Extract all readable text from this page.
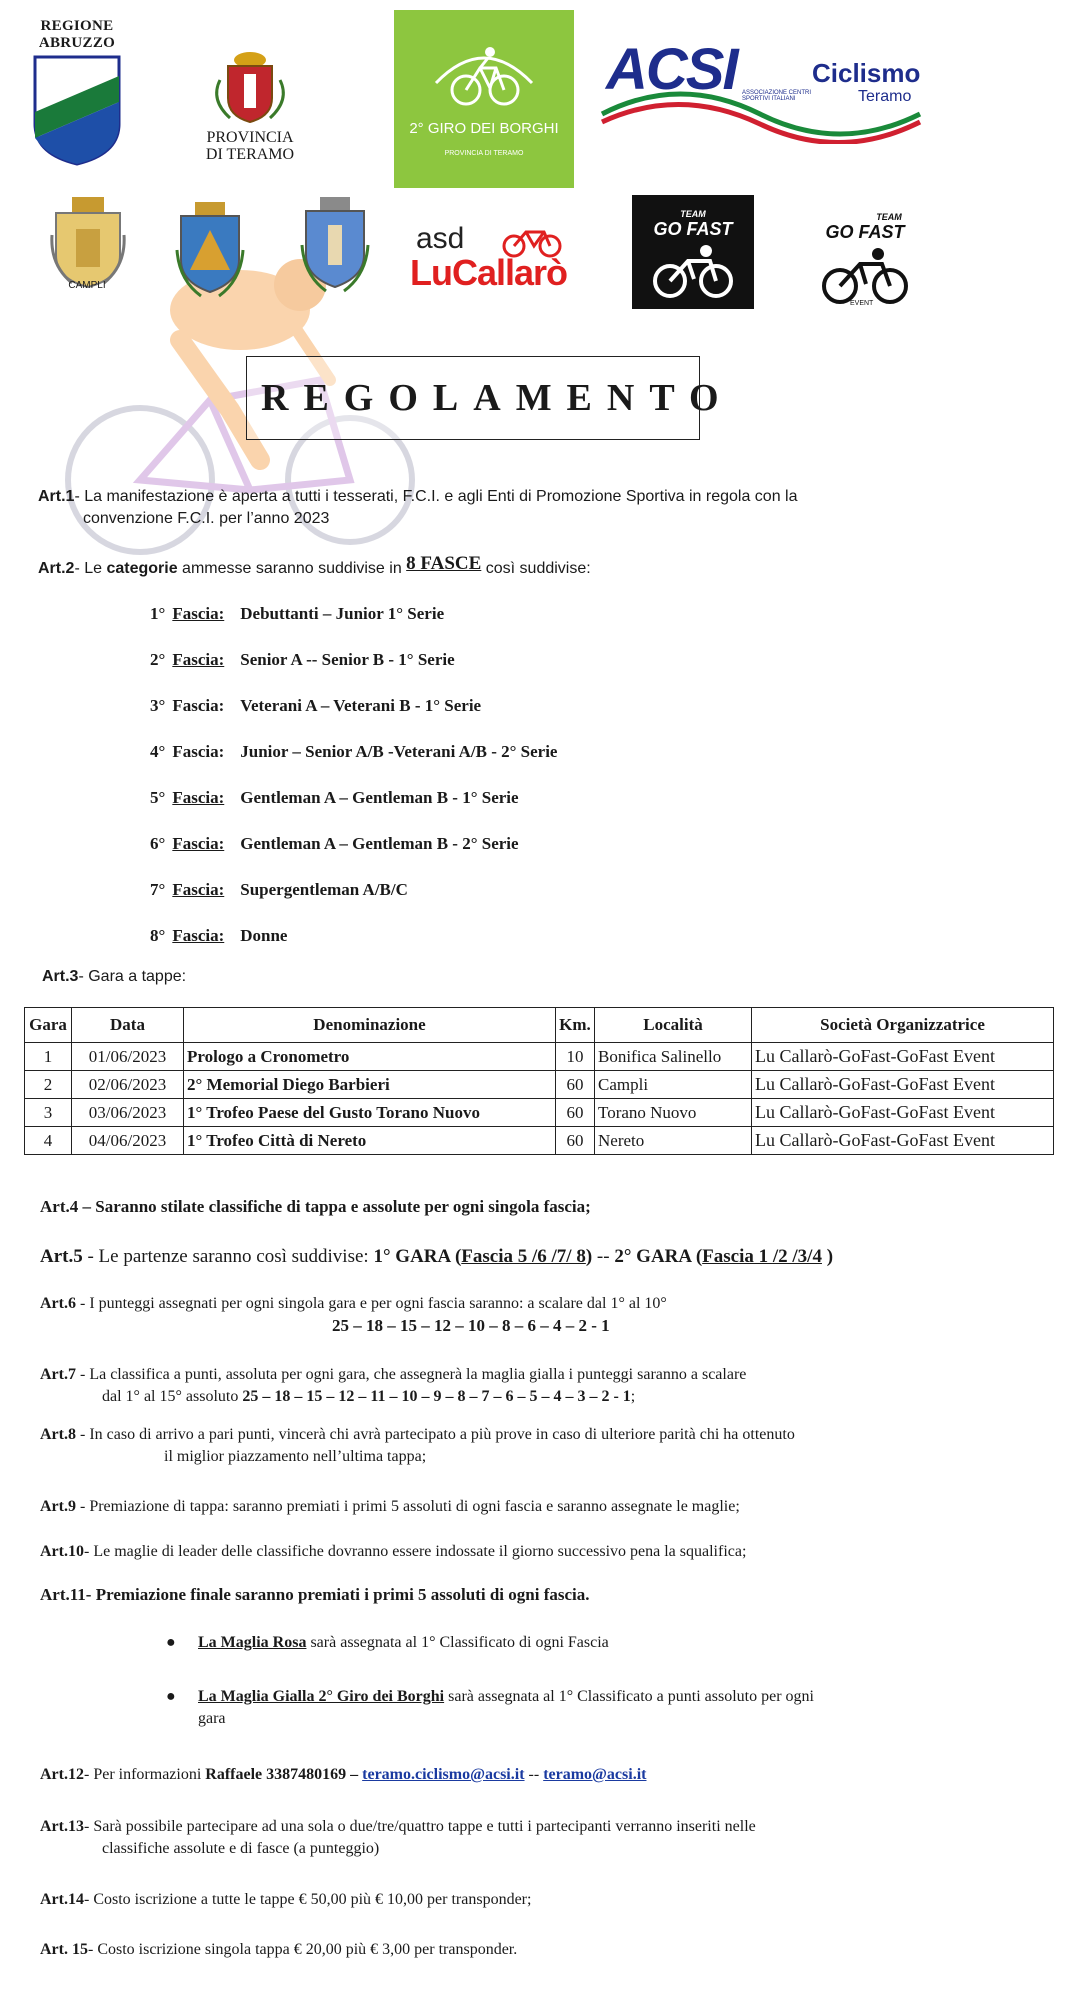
REGIONE
ABRUZZO
PROVINCIA
DI TERAMO
2° GIRO DEI BORGHI
PROVINCIA DI TERAMO
ACSI	Ciclismo
Teramo
ASSOCIAZIONE CENTRI SPORTIVI ITALIANI
CAMPLI
asd
LuCallarò
TEAM
GO FAST
TEAM
GO FAST
EVENT
REGOLAMENTO
Art.1- La manifestazione è aperta a tutti i tesserati, F.C.I. e agli Enti di Promozione Sportiva in regola con la
convenzione F.C.I. per l’anno 2023
Art.2- Le categorie ammesse saranno suddivise in 8 FASCE così suddivise:
1° Fascia: Debuttanti – Junior 1° Serie
2° Fascia: Senior A -- Senior B - 1° Serie
3° Fascia: Veterani A – Veterani B - 1° Serie
4° Fascia: Junior – Senior A/B -Veterani A/B - 2° Serie
5° Fascia: Gentleman A – Gentleman B - 1° Serie
6° Fascia: Gentleman A – Gentleman B - 2° Serie
7° Fascia: Supergentleman A/B/C
8° Fascia: Donne
Art.3- Gara a tappe:
Gara	Data	Denominazione	Km.	Località	Società Organizzatrice
1	01/06/2023	Prologo a Cronometro	10	Bonifica Salinello	Lu Callarò-GoFast-GoFast Event
2	02/06/2023	2° Memorial Diego Barbieri	60	Campli	Lu Callarò-GoFast-GoFast Event
3	03/06/2023	1° Trofeo Paese del Gusto Torano Nuovo	60	Torano Nuovo	Lu Callarò-GoFast-GoFast Event
4	04/06/2023	1° Trofeo Città di Nereto	60	Nereto	Lu Callarò-GoFast-GoFast Event
Art.4 – Saranno stilate classifiche di tappa e assolute per ogni singola fascia;
Art.5 - Le partenze saranno così suddivise: 1° GARA (Fascia 5 /6 /7/ 8) -- 2° GARA (Fascia 1 /2 /3/4 )
Art.6 - I punteggi assegnati per ogni singola gara e per ogni fascia saranno: a scalare dal 1° al 10°
25 – 18 – 15 – 12 – 10 – 8 – 6 – 4 – 2 - 1
Art.7 - La classifica a punti, assoluta per ogni gara, che assegnerà la maglia gialla i punteggi saranno a scalare
dal 1° al 15° assoluto 25 – 18 – 15 – 12 – 11 – 10 – 9 – 8 – 7 – 6 – 5 – 4 – 3 – 2 - 1;
Art.8 - In caso di arrivo a pari punti, vincerà chi avrà partecipato a più prove in caso di ulteriore parità chi ha ottenuto
il miglior piazzamento nell’ultima tappa;
Art.9 - Premiazione di tappa: saranno premiati i primi 5 assoluti di ogni fascia e saranno assegnate le maglie;
Art.10- Le maglie di leader delle classifiche dovranno essere indossate il giorno successivo pena la squalifica;
Art.11- Premiazione finale saranno premiati i primi 5 assoluti di ogni fascia.
●	La Maglia Rosa sarà assegnata al 1° Classificato di ogni Fascia
●	La Maglia Gialla 2° Giro dei Borghi sarà assegnata al 1° Classificato a punti assoluto per ogni
gara
Art.12- Per informazioni Raffaele 3387480169 – teramo.ciclismo@acsi.it -- teramo@acsi.it
Art.13- Sarà possibile partecipare ad una sola o due/tre/quattro tappe e tutti i partecipanti verranno inseriti nelle
classifiche assolute e di fasce (a punteggio)
Art.14- Costo iscrizione a tutte le tappe € 50,00 più € 10,00 per transponder;
Art. 15- Costo iscrizione singola tappa € 20,00 più € 3,00 per transponder.
